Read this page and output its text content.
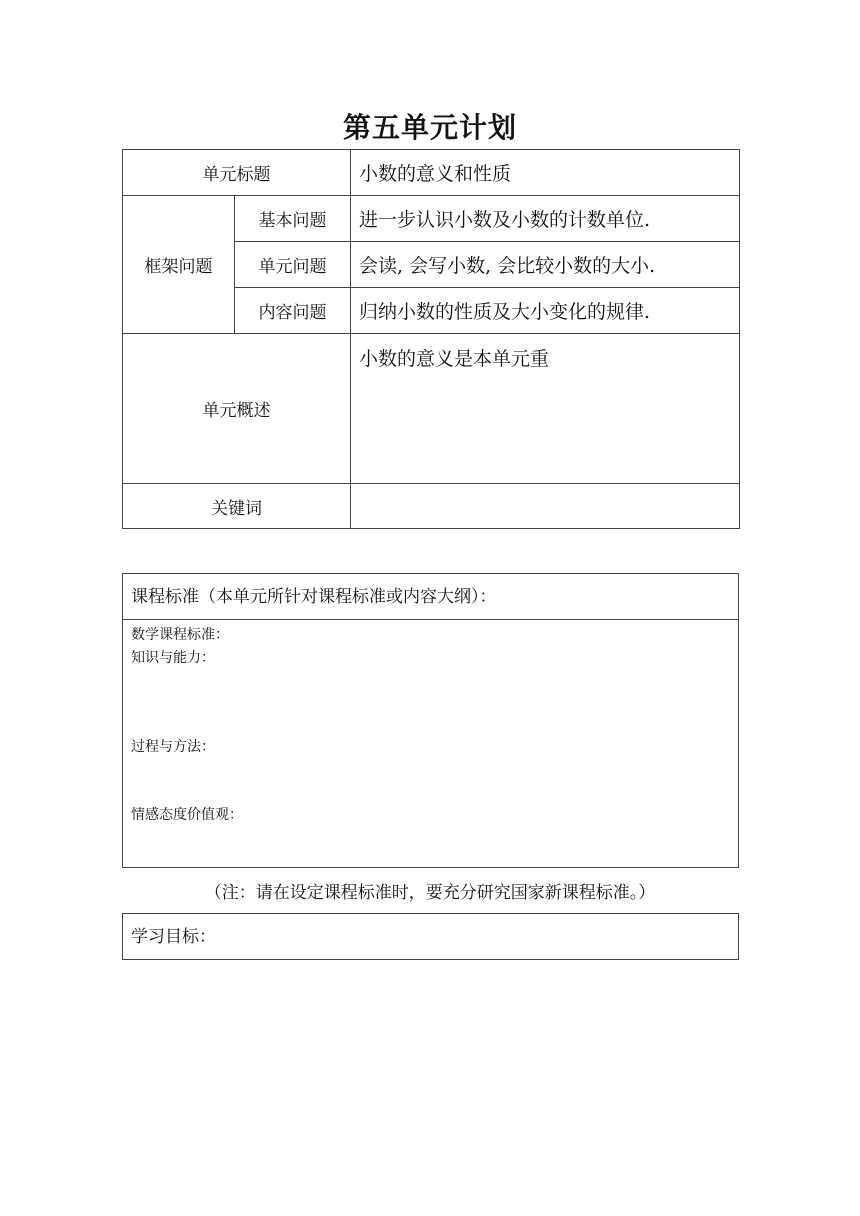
第五单元计划
单元标题		小数的意义和性质
框架问题	基本问题	进一步认识小数及小数的计数单位.
	单元问题	会读, 会写小数, 会比较小数的大小.
	内容问题	归纳小数的性质及大小变化的规律.
单元概述		小数的意义是本单元重
关键词		
课程标准（本单元所针对课程标准或内容大纲）：
数学课程标准：
知识与能力：
过程与方法：
情感态度价值观：
（注：请在设定课程标准时，要充分研究国家新课程标准。）
学习目标：
